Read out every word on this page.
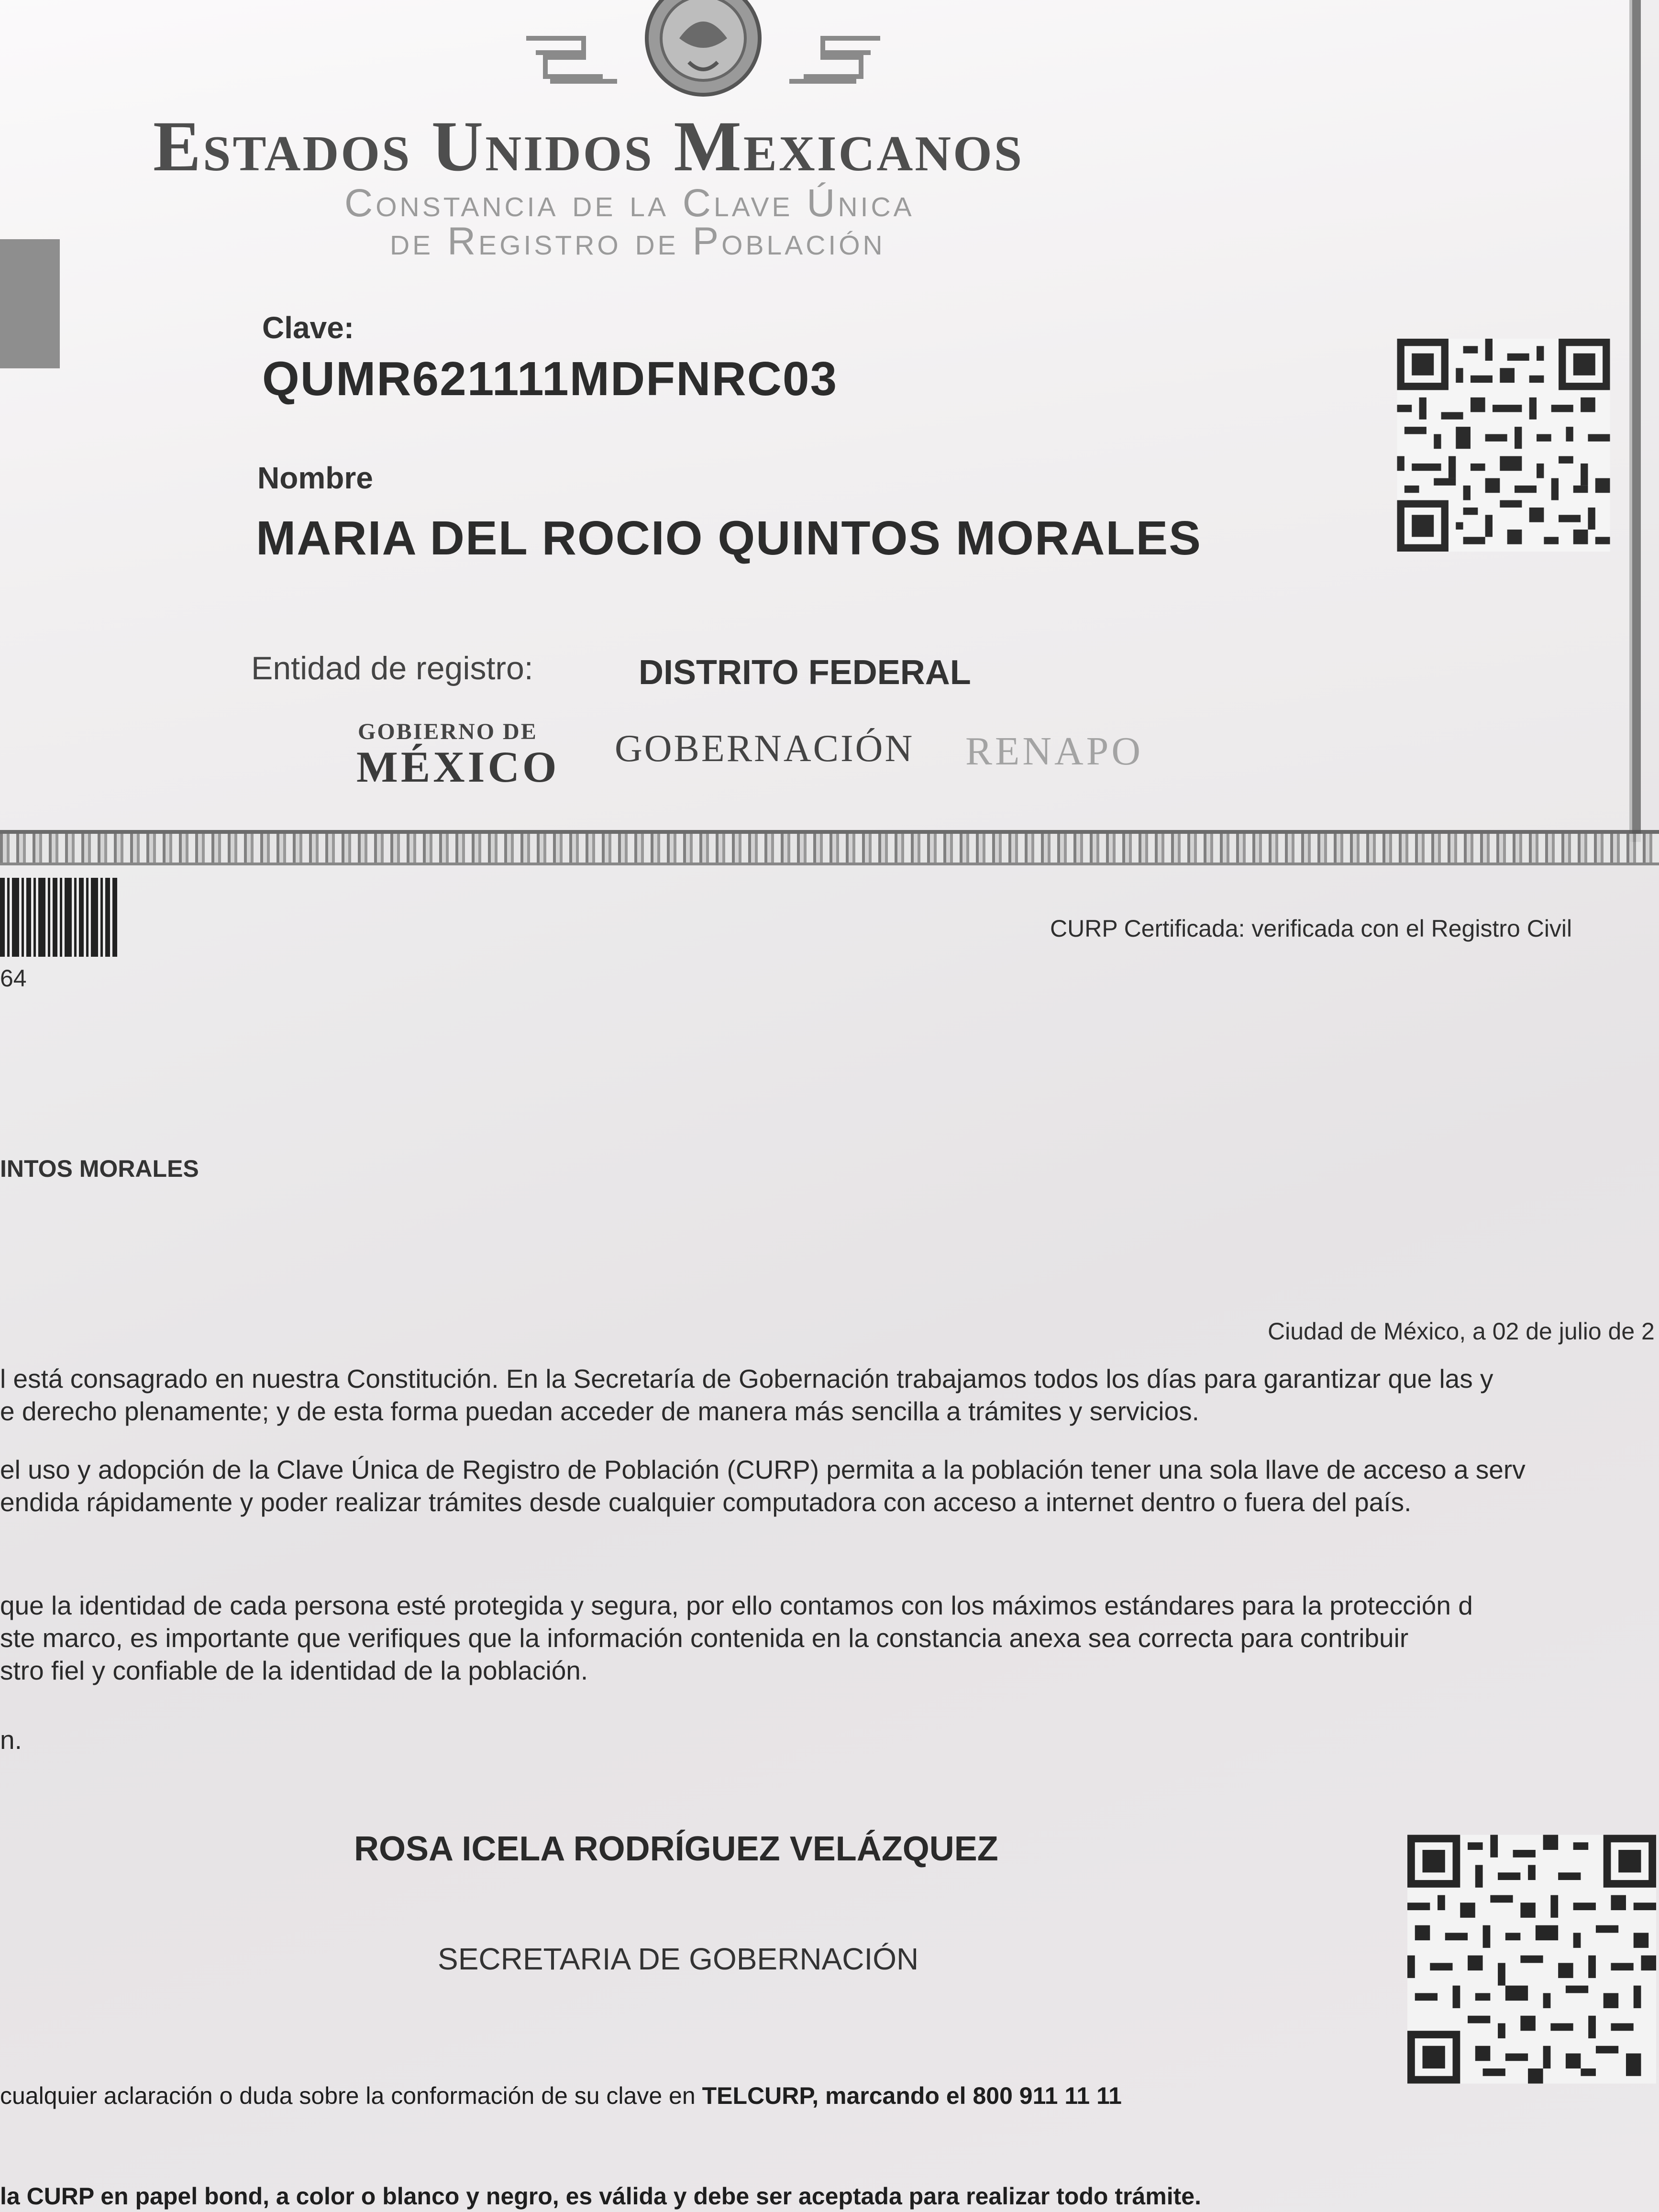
Estados Unidos Mexicanos
Constancia de la Clave Única
de Registro de Población
Clave:
QUMR621111MDFNRC03
Nombre
MARIA DEL ROCIO QUINTOS MORALES
Entidad de registro:	DISTRITO FEDERAL
GOBIERNO DE
MÉXICO GOBERNACIÓN RENAPO
64
CURP Certificada: verificada con el Registro Civil
INTOS MORALES
Ciudad de México, a 02 de julio de 2
l está consagrado en nuestra Constitución. En la Secretaría de Gobernación trabajamos todos los días para garantizar que las y
e derecho plenamente; y de esta forma puedan acceder de manera más sencilla a trámites y servicios.
el uso y adopción de la Clave Única de Registro de Población (CURP) permita a la población tener una sola llave de acceso a serv
endida rápidamente y poder realizar trámites desde cualquier computadora con acceso a internet dentro o fuera del país.
que la identidad de cada persona esté protegida y segura, por ello contamos con los máximos estándares para la protección d
ste marco, es importante que verifiques que la información contenida en la constancia anexa sea correcta para contribuir
stro fiel y confiable de la identidad de la población.
n.
ROSA ICELA RODRÍGUEZ VELÁZQUEZ
SECRETARIA DE GOBERNACIÓN
cualquier aclaración o duda sobre la conformación de su clave en TELCURP, marcando el 800 911 11 11
la CURP en papel bond, a color o blanco y negro, es válida y debe ser aceptada para realizar todo trámite.
